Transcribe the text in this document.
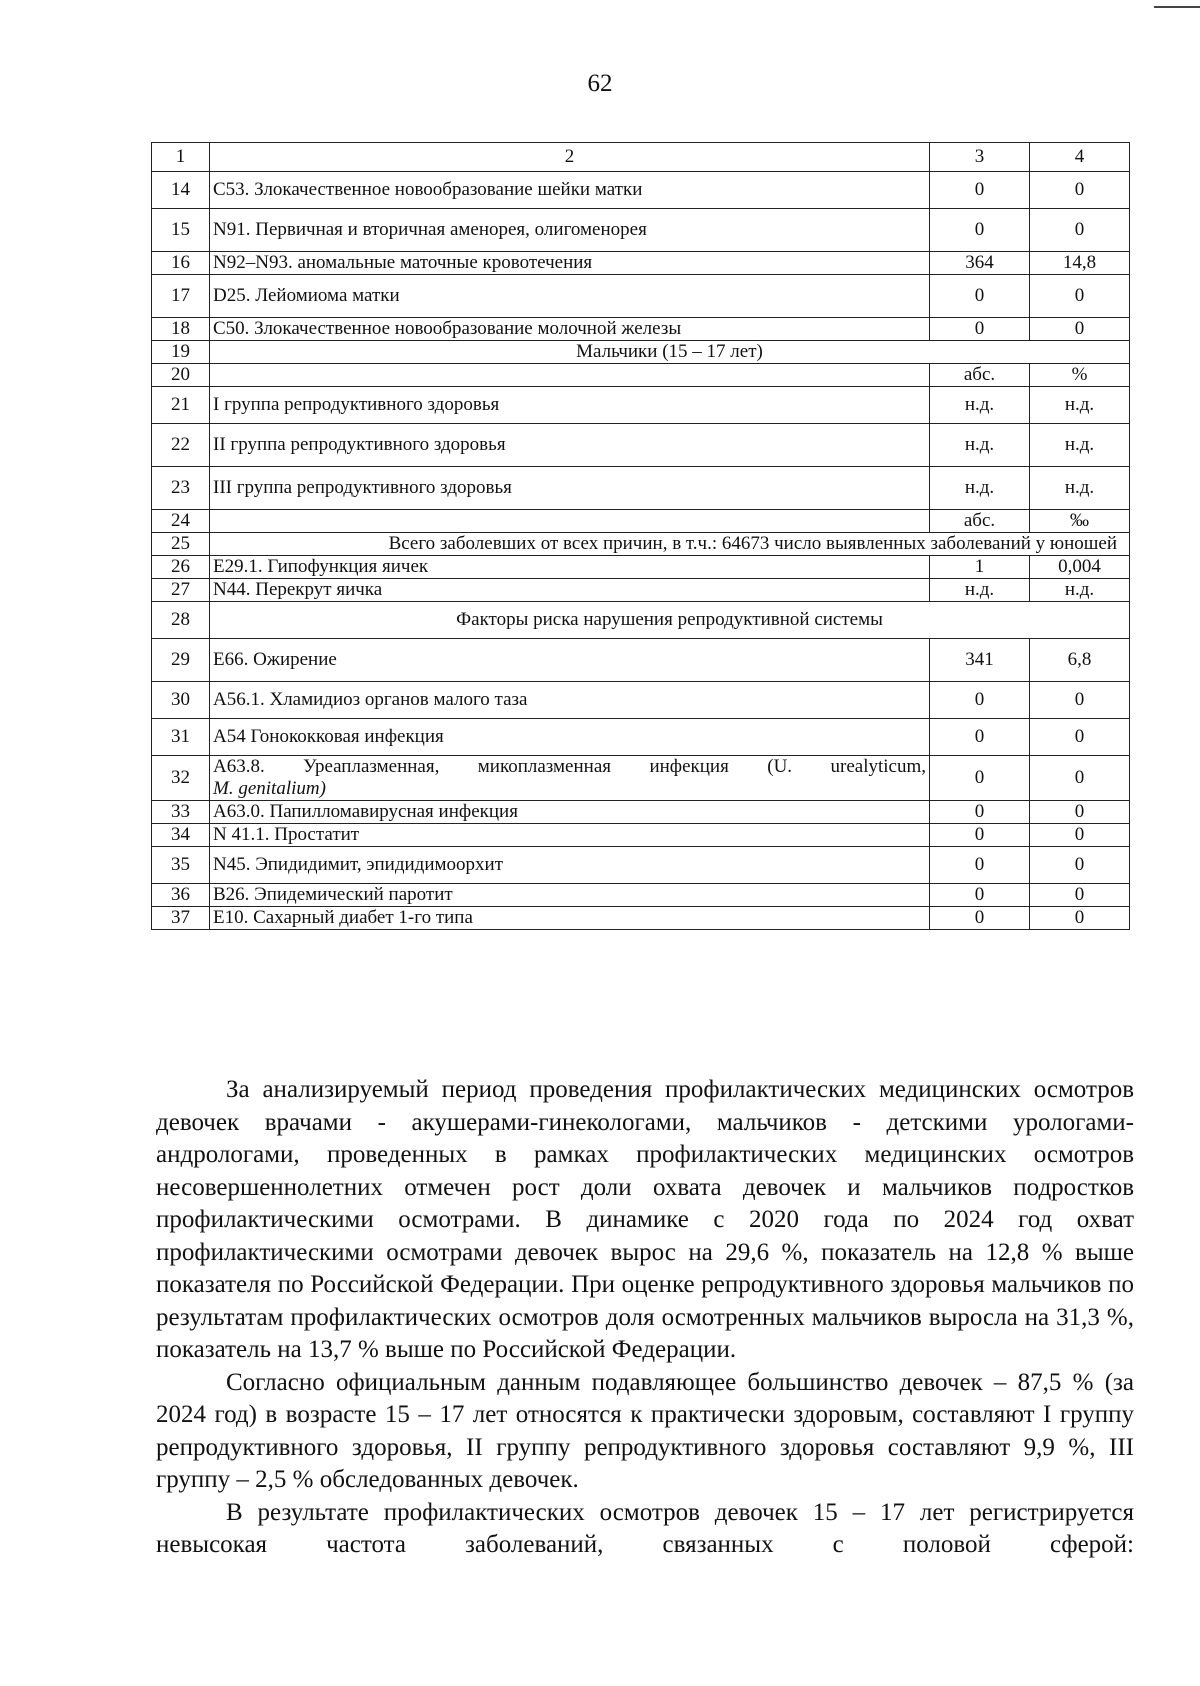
62
1	2	3	4
14	С53. Злокачественное новообразование шейки матки	0	0
15	N91. Первичная и вторичная аменорея, олигоменорея	0	0
16	N92–N93. аномальные маточные кровотечения	364	14,8
17	D25. Лейомиома матки	0	0
18	С50. Злокачественное новообразование молочной железы	0	0
19	Мальчики (15 – 17 лет)		
20		абс.	%
21	I группа репродуктивного здоровья	н.д.	н.д.
22	II группа репродуктивного здоровья	н.д.	н.д.
23	III группа репродуктивного здоровья	н.д.	н.д.
24		абс.	‰
25	Всего заболевших от всех причин, в т.ч.: 64673 число выявленных заболеваний у юношей		
26	Е29.1. Гипофункция яичек	1	0,004
27	N44. Перекрут яичка	н.д.	н.д.
28	Факторы риска нарушения репродуктивной системы		
29	Е66. Ожирение	341	6,8
30	А56.1. Хламидиоз органов малого таза	0	0
31	А54 Гонококковая инфекция	0	0
32	А63.8. Уреаплазменная, микоплазменная инфекция (U. urealyticum,
M. genitalium)	0	0
33	А63.0. Папилломавирусная инфекция	0	0
34	N 41.1. Простатит	0	0
35	N45. Эпидидимит, эпидидимоорхит	0	0
36	В26. Эпидемический паротит	0	0
37	Е10. Сахарный диабет 1-го типа	0	0

За анализируемый период проведения профилактических медицинских осмотров девочек врачами - акушерами-гинекологами, мальчиков - детскими урологами-андрологами, проведенных в рамках профилактических медицинских осмотров несовершеннолетних отмечен рост доли охвата девочек и мальчиков подростков профилактическими осмотрами. В динамике с 2020 года по 2024 год охват профилактическими осмотрами девочек вырос на 29,6 %, показатель на 12,8 % выше показателя по Российской Федерации. При оценке репродуктивного здоровья мальчиков по результатам профилактических осмотров доля осмотренных мальчиков выросла на 31,3 %, показатель на 13,7 % выше по Российской Федерации.

Согласно официальным данным подавляющее большинство девочек – 87,5 % (за 2024 год) в возрасте 15 – 17 лет относятся к практически здоровым, составляют I группу репродуктивного здоровья, II группу репродуктивного здоровья составляют 9,9 %, III группу – 2,5 % обследованных девочек.

В результате профилактических осмотров девочек 15 – 17 лет регистрируется невысокая частота заболеваний, связанных с половой сферой:
